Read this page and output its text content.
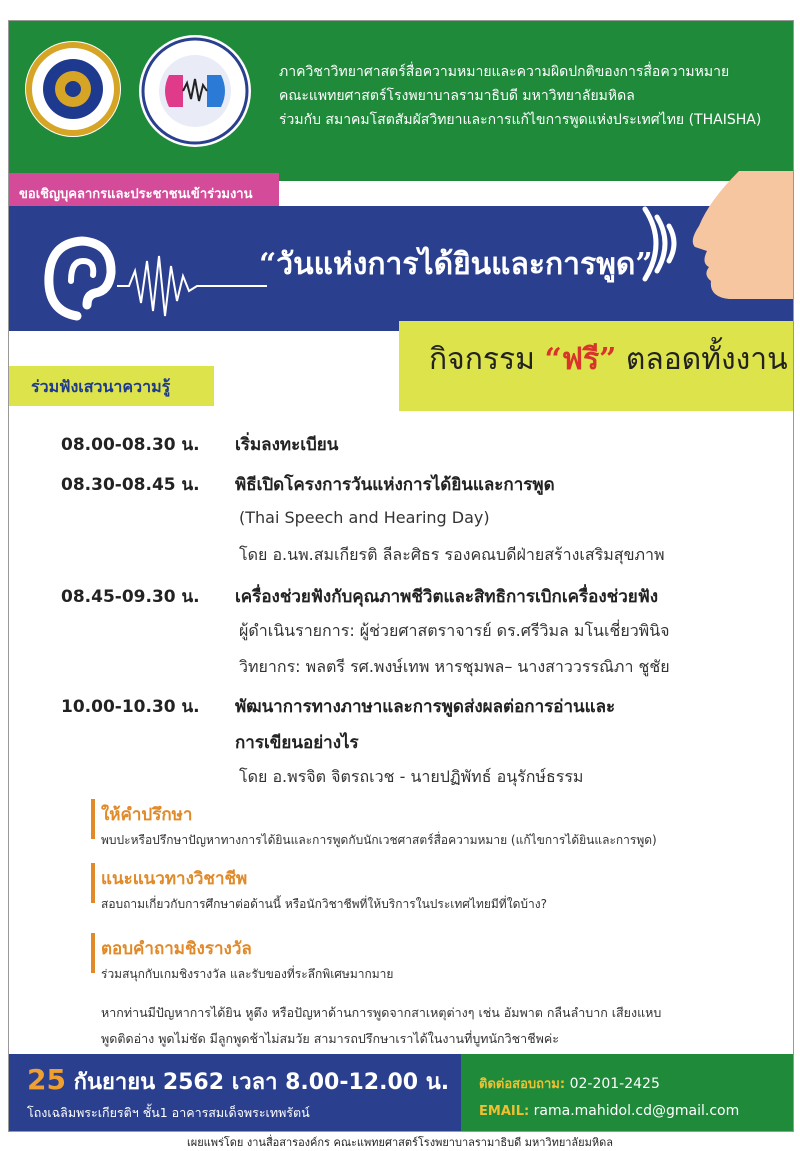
ภาควิชาวิทยาศาสตร์สื่อความหมายและความผิดปกติของการสื่อความหมาย
คณะแพทยศาสตร์โรงพยาบาลรามาธิบดี มหาวิทยาลัยมหิดล
ร่วมกับ สมาคมโสตสัมผัสวิทยาและการแก้ไขการพูดแห่งประเทศไทย (THAISHA)
ขอเชิญบุคลากรและประชาชนเข้าร่วมงาน
“วันแห่งการได้ยินและการพูด”
กิจกรรม “ฟรี” ตลอดทั้งงาน
ร่วมฟังเสวนาความรู้
08.00-08.30 น. เริ่มลงทะเบียน
08.30-08.45 น. พิธีเปิดโครงการวันแห่งการได้ยินและการพูด
(Thai Speech and Hearing Day)
โดย อ.นพ.สมเกียรติ ลีละศิธร รองคณบดีฝ่ายสร้างเสริมสุขภาพ
08.45-09.30 น. เครื่องช่วยฟังกับคุณภาพชีวิตและสิทธิการเบิกเครื่องช่วยฟัง
ผู้ดำเนินรายการ: ผู้ช่วยศาสตราจารย์ ดร.ศรีวิมล มโนเชี่ยวพินิจ
วิทยากร: พลตรี รศ.พงษ์เทพ หารชุมพล– นางสาววรรณิภา ชูชัย
10.00-10.30 น. พัฒนาการทางภาษาและการพูดส่งผลต่อการอ่านและ
การเขียนอย่างไร
โดย อ.พรจิต จิตรถเวช - นายปฏิพัทธ์ อนุรักษ์ธรรม
ให้คำปรึกษา
พบปะหรือปรึกษาปัญหาทางการได้ยินและการพูดกับนักเวชศาสตร์สื่อความหมาย (แก้ไขการได้ยินและการพูด)
แนะแนวทางวิชาชีพ
สอบถามเกี่ยวกับการศึกษาต่อด้านนี้ หรือนักวิชาชีพที่ให้บริการในประเทศไทยมีที่ใดบ้าง?
ตอบคำถามชิงรางวัล
ร่วมสนุกกับเกมชิงรางวัล และรับของที่ระลึกพิเศษมากมาย
หากท่านมีปัญหาการได้ยิน หูตึง หรือปัญหาด้านการพูดจากสาเหตุต่างๆ เช่น อัมพาต กลืนลำบาก เสียงแหบ
พูดติดอ่าง พูดไม่ชัด มีลูกพูดช้าไม่สมวัย สามารถปรึกษาเราได้ในงานที่บูทนักวิชาชีพค่ะ
25 กันยายน 2562 เวลา 8.00-12.00 น.
โถงเฉลิมพระเกียรติฯ ชั้น1 อาคารสมเด็จพระเทพรัตน์
ติดต่อสอบถาม: 02-201-2425
EMAIL: rama.mahidol.cd@gmail.com
เผยแพร่โดย งานสื่อสารองค์กร คณะแพทยศาสตร์โรงพยาบาลรามาธิบดี มหาวิทยาลัยมหิดล
